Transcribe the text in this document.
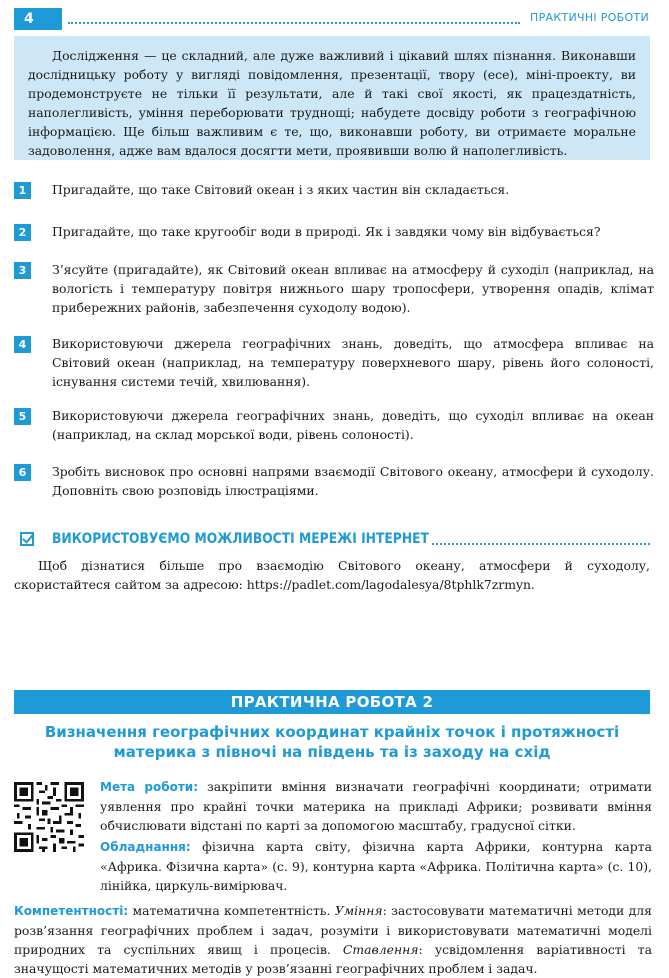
4	ПРАКТИЧНІ РОБОТИ
Дослідження — це складний, але дуже важливий і цікавий шлях пізнання. Виконавши дослідницьку роботу у вигляді повідомлення, презентації, твору (есе), міні-проекту, ви продемонструєте не тільки її результати, але й такі свої якості, як працездатність, наполегливість, уміння переборювати труднощі; набудете досвіду роботи з географічною інформацією. Ще більш важливим є те, що, виконавши роботу, ви отримаєте моральне задоволення, адже вам вдалося досягти мети, проявивши волю й наполегливість.
1	Пригадайте, що таке Світовий океан і з яких частин він складається.
2	Пригадайте, що таке кругообіг води в природі. Як і завдяки чому він відбувається?
3	З’ясуйте (пригадайте), як Світовий океан впливає на атмосферу й суходіл (наприклад, на вологість і температуру повітря нижнього шару тропосфери, утворення опадів, клімат прибережних районів, забезпечення суходолу водою).
4	Використовуючи джерела географічних знань, доведіть, що атмосфера впливає на Світовий океан (наприклад, на температуру поверхневого шару, рівень його солоності, існування системи течій, хвилювання).
5	Використовуючи джерела географічних знань, доведіть, що суходіл впливає на океан (наприклад, на склад морської води, рівень солоності).
6	Зробіть висновок про основні напрями взаємодії Світового океану, атмосфери й суходолу. Доповніть свою розповідь ілюстраціями.
ВИКОРИСТОВУЄМО МОЖЛИВОСТІ МЕРЕЖІ ІНТЕРНЕТ
Щоб дізнатися більше про взаємодію Світового океану, атмосфери й суходолу, скористайтеся сайтом за адресою: https://padlet.com/lagodalesya/8tphlk7zrmyn.
ПРАКТИЧНА РОБОТА 2
Визначення географічних координат крайніх точок і протяжності материка з півночі на південь та із заходу на схід
Мета роботи: закріпити вміння визначати географічні координати; отримати уявлення про крайні точки материка на прикладі Африки; розвивати вміння обчислювати відстані по карті за допомогою масштабу, градусної сітки.
Обладнання: фізична карта світу, фізична карта Африки, контурна карта «Африка. Фізична карта» (с. 9), контурна карта «Африка. Політична карта» (с. 10), лінійка, циркуль-вимірювач.
Компетентності: математична компетентність. Уміння: застосовувати математичні методи для розв’язання географічних проблем і задач, розуміти і використовувати математичні моделі природних та суспільних явищ і процесів. Ставлення: усвідомлення варіативності та значущості математичних методів у розв’язанні географічних проблем і задач.
